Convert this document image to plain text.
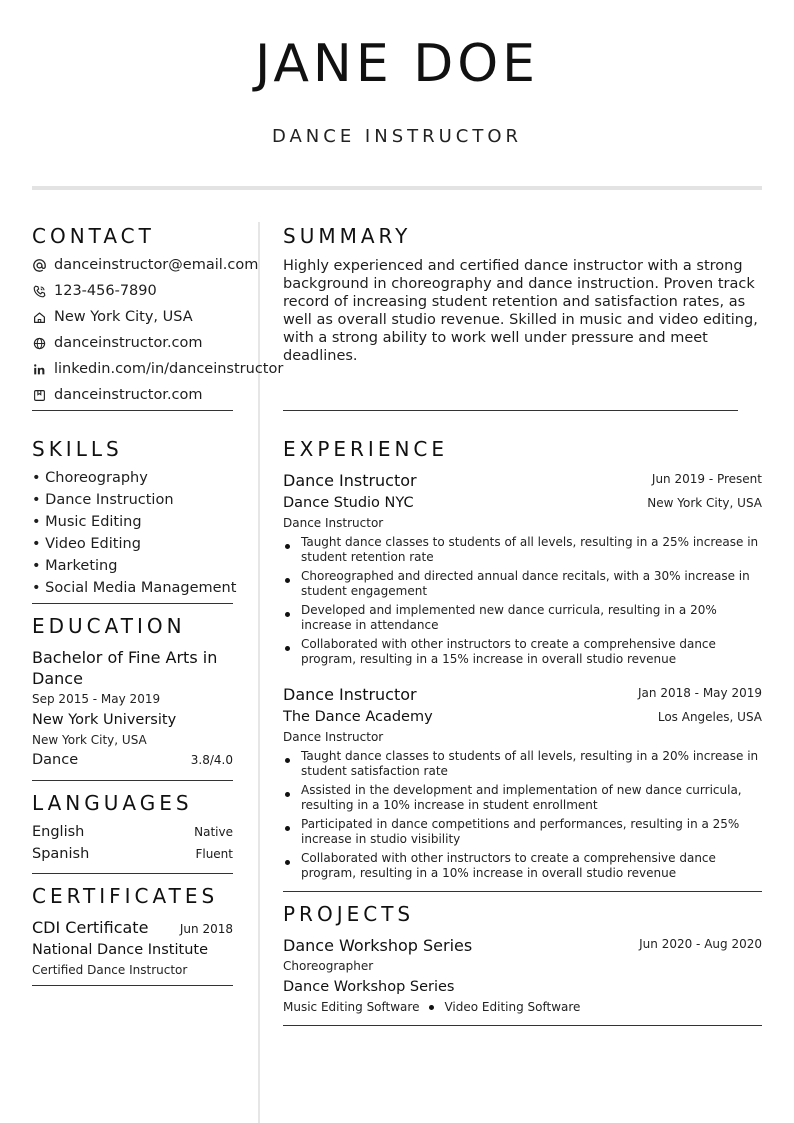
JANE DOE
DANCE INSTRUCTOR
CONTACT
danceinstructor@email.com
123-456-7890
New York City, USA
danceinstructor.com
linkedin.com/in/danceinstructor
danceinstructor.com
SKILLS
• Choreography
• Dance Instruction
• Music Editing
• Video Editing
• Marketing
• Social Media Management
EDUCATION
Bachelor of Fine Arts in Dance
Sep 2015 - May 2019
New York University
New York City, USA
Dance	3.8/4.0
LANGUAGES
English	Native
Spanish	Fluent
CERTIFICATES
CDI Certificate	Jun 2018
National Dance Institute
Certified Dance Instructor
SUMMARY
Highly experienced and certified dance instructor with a strong background in choreography and dance instruction. Proven track record of increasing student retention and satisfaction rates, as well as overall studio revenue. Skilled in music and video editing, with a strong ability to work well under pressure and meet deadlines.
EXPERIENCE
Dance Instructor	Jun 2019 - Present
Dance Studio NYC	New York City, USA
Dance Instructor
Taught dance classes to students of all levels, resulting in a 25% increase in student retention rate
Choreographed and directed annual dance recitals, with a 30% increase in student engagement
Developed and implemented new dance curricula, resulting in a 20% increase in attendance
Collaborated with other instructors to create a comprehensive dance program, resulting in a 15% increase in overall studio revenue
Dance Instructor	Jan 2018 - May 2019
The Dance Academy	Los Angeles, USA
Dance Instructor
Taught dance classes to students of all levels, resulting in a 20% increase in student satisfaction rate
Assisted in the development and implementation of new dance curricula, resulting in a 10% increase in student enrollment
Participated in dance competitions and performances, resulting in a 25% increase in studio visibility
Collaborated with other instructors to create a comprehensive dance program, resulting in a 10% increase in overall studio revenue
PROJECTS
Dance Workshop Series	Jun 2020 - Aug 2020
Choreographer
Dance Workshop Series
Music Editing Software Video Editing Software
